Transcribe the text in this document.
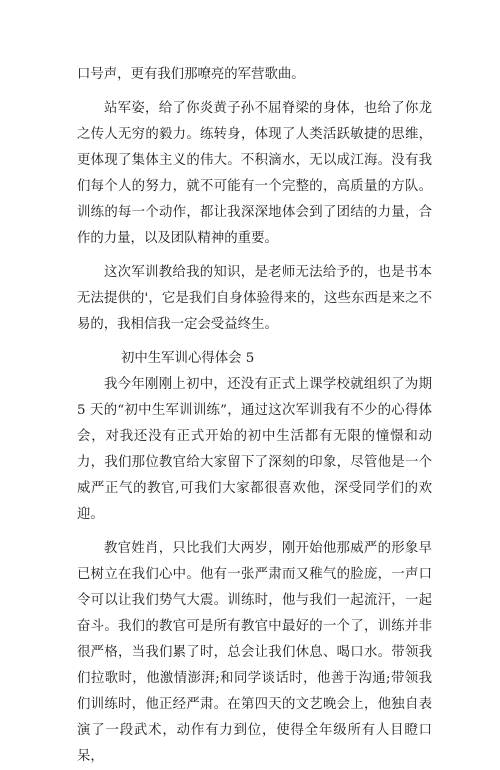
口号声，更有我们那嘹亮的军营歌曲。

站军姿，给了你炎黄子孙不屈脊梁的身体，也给了你龙之传人无穷的毅力。练转身，体现了人类活跃敏捷的思维，更体现了集体主义的伟大。不积滴水，无以成江海。没有我们每个人的努力，就不可能有一个完整的，高质量的方队。训练的每一个动作，都让我深深地体会到了团结的力量，合作的力量，以及团队精神的重要。

这次军训教给我的知识，是老师无法给予的，也是书本无法提供的'，它是我们自身体验得来的，这些东西是来之不易的，我相信我一定会受益终生。

初中生军训心得体会 5

我今年刚刚上初中，还没有正式上课学校就组织了为期 5 天的“初中生军训训练”，通过这次军训我有不少的心得体会，对我还没有正式开始的初中生活都有无限的憧憬和动力，我们那位教官给大家留下了深刻的印象，尽管他是一个威严正气的教官,可我们大家都很喜欢他，深受同学们的欢迎。

教官姓肖，只比我们大两岁，刚开始他那威严的形象早已树立在我们心中。他有一张严肃而又稚气的脸庞，一声口令可以让我们势气大震。训练时，他与我们一起流汗，一起奋斗。我们的教官可是所有教官中最好的一个了，训练并非很严格，当我们累了时，总会让我们休息、喝口水。带领我们拉歌时，他激情澎湃;和同学谈话时，他善于沟通;带领我们训练时，他正经严肃。在第四天的文艺晚会上，他独自表演了一段武术，动作有力到位，使得全年级所有人目瞪口呆，
